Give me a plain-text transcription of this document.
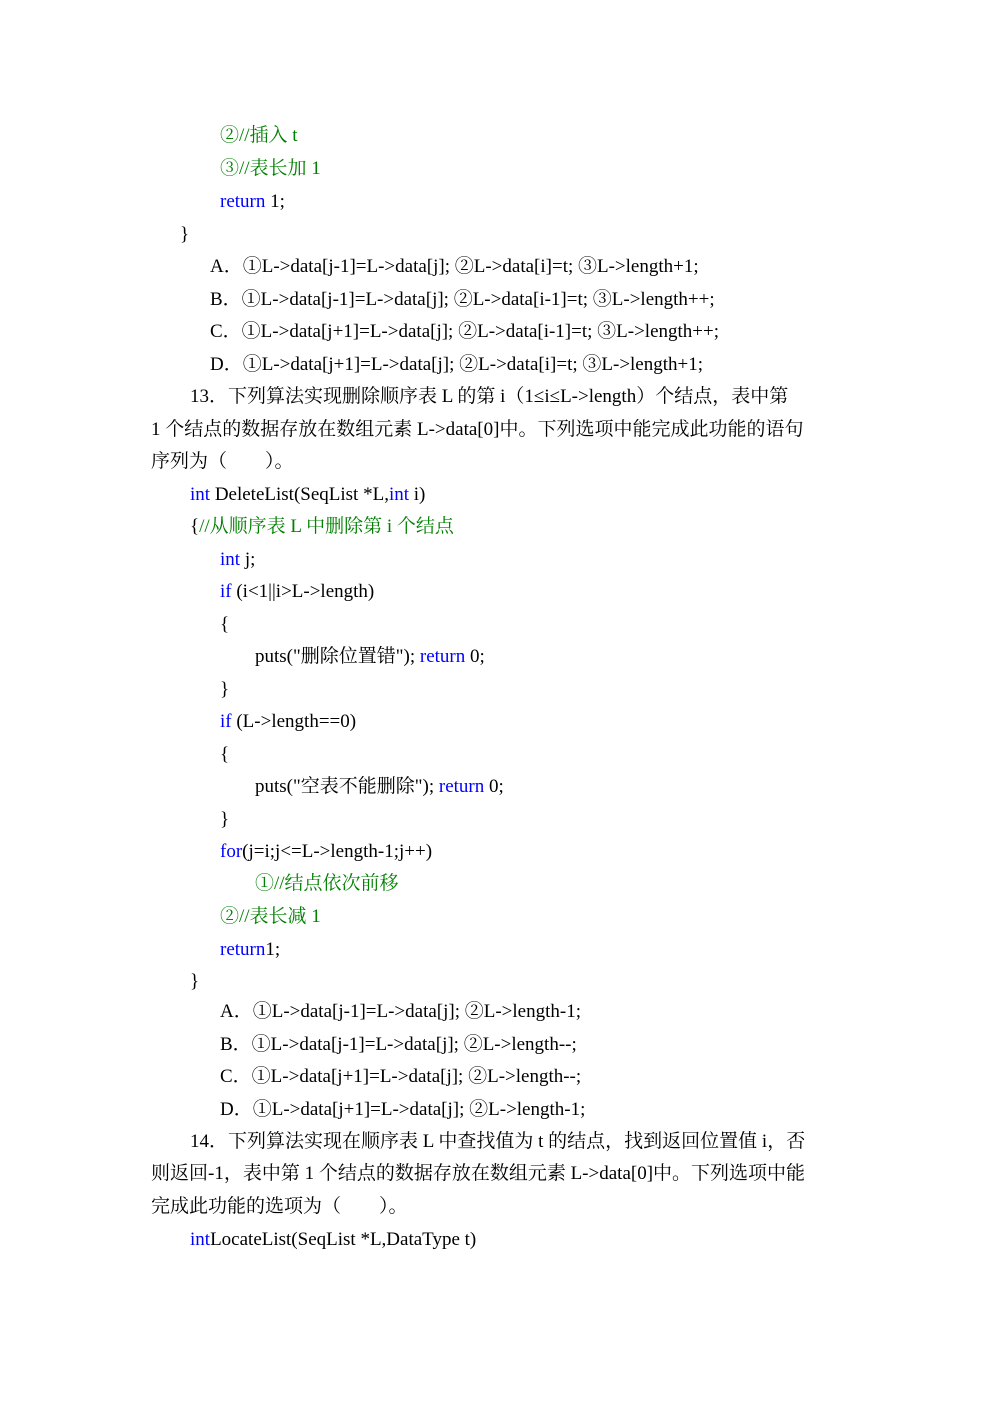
②//插入 t
③//表长加 1
return 1;
}
A．①L->data[j-1]=L->data[j]; ②L->data[i]=t; ③L->length+1;
B．①L->data[j-1]=L->data[j]; ②L->data[i-1]=t; ③L->length++;
C．①L->data[j+1]=L->data[j]; ②L->data[i-1]=t; ③L->length++;
D．①L->data[j+1]=L->data[j]; ②L->data[i]=t; ③L->length+1;
13．下列算法实现删除顺序表 L 的第 i（1≤i≤L->length）个结点，表中第
1 个结点的数据存放在数组元素 L->data[0]中。下列选项中能完成此功能的语句
序列为（　　）。
int DeleteList(SeqList *L,int i)
{//从顺序表 L 中删除第 i 个结点
int j;
if (i<1||i>L->length)
{
puts("删除位置错"); return 0;
}
if (L->length==0)
{
puts("空表不能删除"); return 0;
}
for(j=i;j<=L->length-1;j++)
①//结点依次前移
②//表长减 1
return1;
}
A．①L->data[j-1]=L->data[j]; ②L->length-1;
B．①L->data[j-1]=L->data[j]; ②L->length--;
C．①L->data[j+1]=L->data[j]; ②L->length--;
D．①L->data[j+1]=L->data[j]; ②L->length-1;
14．下列算法实现在顺序表 L 中查找值为 t 的结点，找到返回位置值 i，否
则返回-1，表中第 1 个结点的数据存放在数组元素 L->data[0]中。下列选项中能
完成此功能的选项为（　　）。
intLocateList(SeqList *L,DataType t)
